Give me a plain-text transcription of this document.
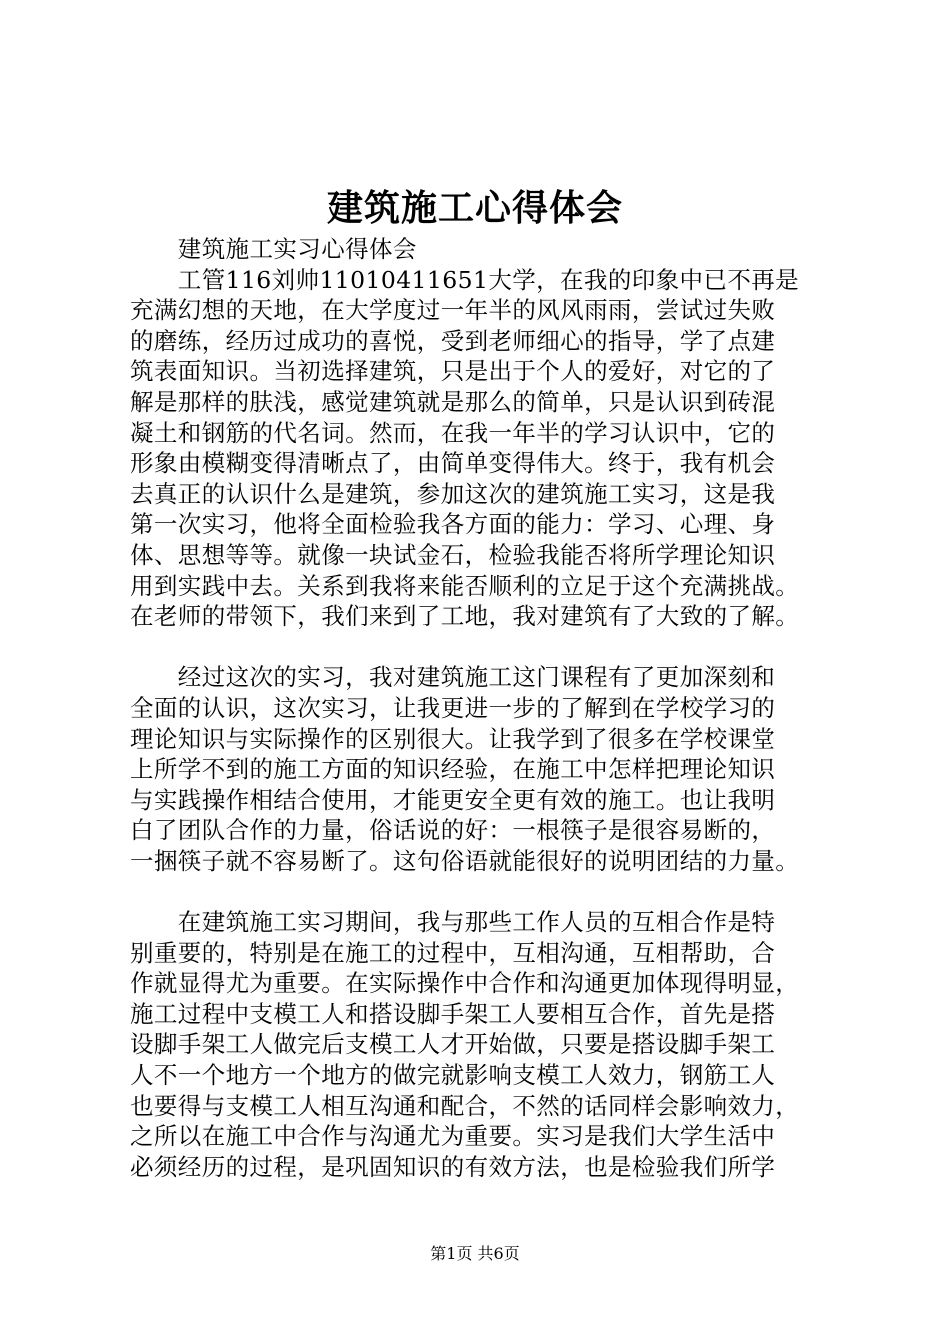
建筑施工心得体会
　　建筑施工实习心得体会
　　工管116刘帅11010411651大学，在我的印象中已不再是
充满幻想的天地，在大学度过一年半的风风雨雨，尝试过失败
的磨练，经历过成功的喜悦，受到老师细心的指导，学了点建
筑表面知识。当初选择建筑，只是出于个人的爱好，对它的了
解是那样的肤浅，感觉建筑就是那么的简单，只是认识到砖混
凝土和钢筋的代名词。然而，在我一年半的学习认识中，它的
形象由模糊变得清晰点了，由简单变得伟大。终于，我有机会
去真正的认识什么是建筑，参加这次的建筑施工实习，这是我
第一次实习，他将全面检验我各方面的能力：学习、心理、身
体、思想等等。就像一块试金石，检验我能否将所学理论知识
用到实践中去。关系到我将来能否顺利的立足于这个充满挑战。
在老师的带领下，我们来到了工地，我对建筑有了大致的了解。
　　经过这次的实习，我对建筑施工这门课程有了更加深刻和
全面的认识，这次实习，让我更进一步的了解到在学校学习的
理论知识与实际操作的区别很大。让我学到了很多在学校课堂
上所学不到的施工方面的知识经验，在施工中怎样把理论知识
与实践操作相结合使用，才能更安全更有效的施工。也让我明
白了团队合作的力量，俗话说的好：一根筷子是很容易断的，
一捆筷子就不容易断了。这句俗语就能很好的说明团结的力量。
　　在建筑施工实习期间，我与那些工作人员的互相合作是特
别重要的，特别是在施工的过程中，互相沟通，互相帮助，合
作就显得尤为重要。在实际操作中合作和沟通更加体现得明显，
施工过程中支模工人和搭设脚手架工人要相互合作，首先是搭
设脚手架工人做完后支模工人才开始做，只要是搭设脚手架工
人不一个地方一个地方的做完就影响支模工人效力，钢筋工人
也要得与支模工人相互沟通和配合，不然的话同样会影响效力，
之所以在施工中合作与沟通尤为重要。实习是我们大学生活中
必须经历的过程，是巩固知识的有效方法，也是检验我们所学
第1页 共6页
